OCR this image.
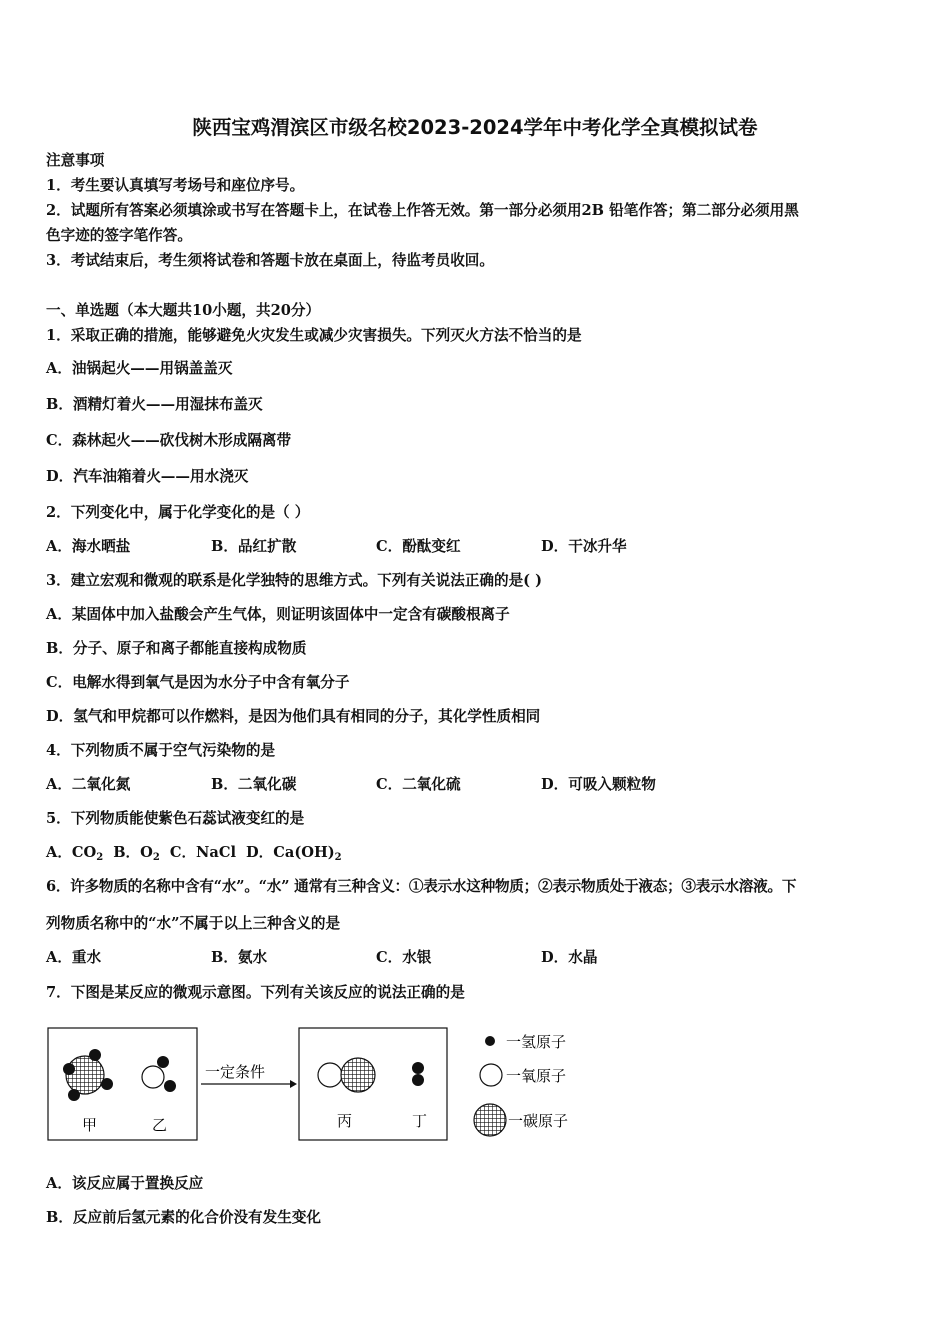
陕西宝鸡渭滨区市级名校2023-2024学年中考化学全真模拟试卷
注意事项
1．考生要认真填写考场号和座位序号。
2．试题所有答案必须填涂或书写在答题卡上，在试卷上作答无效。第一部分必须用2B 铅笔作答；第二部分必须用黑
色字迹的签字笔作答。
3．考试结束后，考生须将试卷和答题卡放在桌面上，待监考员收回。
一、单选题（本大题共10小题，共20分）
1．采取正确的措施，能够避免火灾发生或减少灾害损失。下列灭火方法不恰当的是
A．油锅起火——用锅盖盖灭
B．酒精灯着火——用湿抹布盖灭
C．森林起火——砍伐树木形成隔离带
D．汽车油箱着火——用水浇灭
2．下列变化中，属于化学变化的是（ ）
A．海水晒盐	B．品红扩散	C．酚酞变红	D．干冰升华
3．建立宏观和微观的联系是化学独特的思维方式。下列有关说法正确的是( )
A．某固体中加入盐酸会产生气体，则证明该固体中一定含有碳酸根离子
B．分子、原子和离子都能直接构成物质
C．电解水得到氧气是因为水分子中含有氧分子
D．氢气和甲烷都可以作燃料，是因为他们具有相同的分子，其化学性质相同
4．下列物质不属于空气污染物的是
A．二氧化氮	B．二氧化碳	C．二氧化硫	D．可吸入颗粒物
5．下列物质能使紫色石蕊试液变红的是
A．$CO_2$ B．$O_2$ C．NaCl D．$Ca(OH)_2$
6．许多物质的名称中含有“水”。“水” 通常有三种含义：①表示水这种物质；②表示物质处于液态；③表示水溶液。下
列物质名称中的“水”不属于以上三种含义的是
A．重水	B．氨水	C．水银	D．水晶
7．下图是某反应的微观示意图。下列有关该反应的说法正确的是
甲	乙
一定条件
丙	丁
一氢原子
一氧原子
一碳原子
A．该反应属于置换反应
B．反应前后氢元素的化合价没有发生变化
